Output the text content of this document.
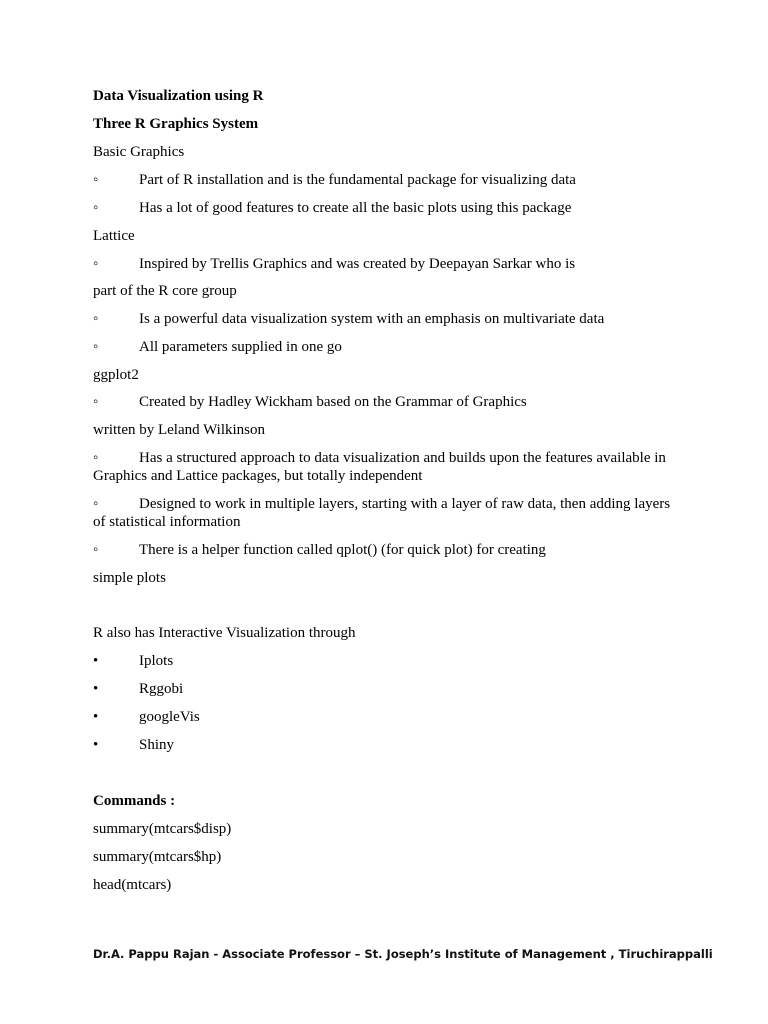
Data Visualization using R
Three R Graphics System
Basic Graphics
◦	Part of R installation and is the fundamental package for visualizing data
◦	Has a lot of good features to create all the basic plots using this package
Lattice
◦	Inspired by Trellis Graphics and was created by Deepayan Sarkar who is
part of the R core group
◦	Is a powerful data visualization system with an emphasis on multivariate data
◦	All parameters supplied in one go
ggplot2
◦	Created by Hadley Wickham based on the Grammar of Graphics
written by Leland Wilkinson
◦	Has a structured approach to data visualization and builds upon the features available in Graphics and Lattice packages, but totally independent
◦	Designed to work in multiple layers, starting with a layer of raw data, then adding layers of statistical information
◦	There is a helper function called qplot() (for quick plot) for creating
simple plots
R also has Interactive Visualization through
•	Iplots
•	Rggobi
•	googleVis
•	Shiny
Commands :
summary(mtcars$disp)
summary(mtcars$hp)
head(mtcars)
Dr.A. Pappu Rajan - Associate Professor – St. Joseph’s Institute of Management , Tiruchirappalli
